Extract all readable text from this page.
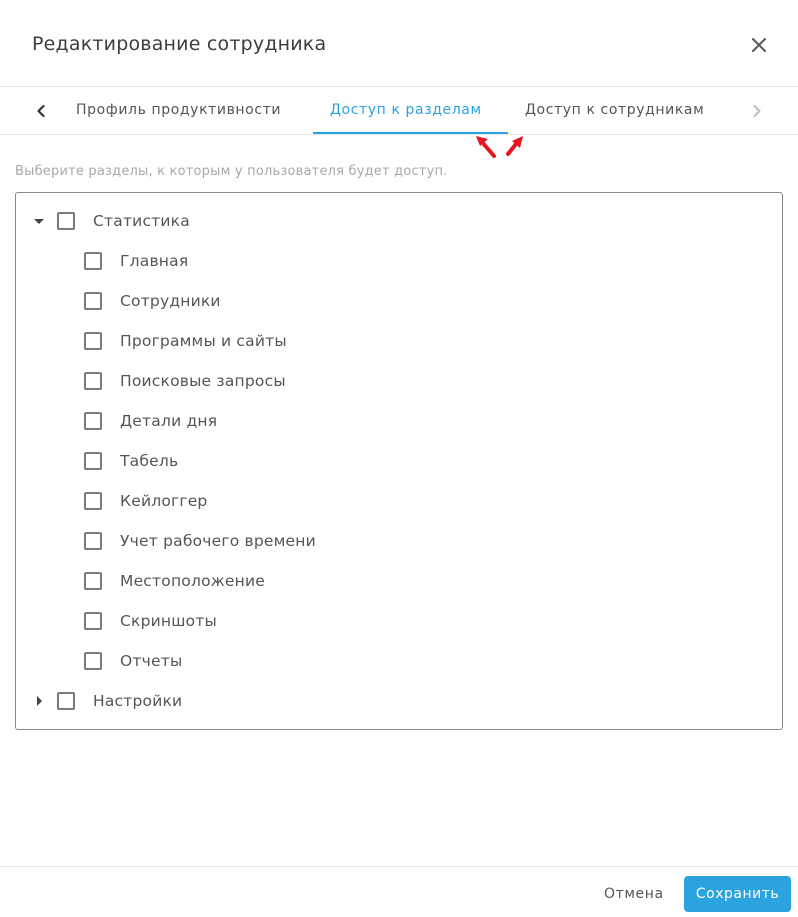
Редактирование сотрудника
Профиль продуктивности	Доступ к разделам	Доступ к сотрудникам
Выберите разделы, к которым у пользователя будет доступ.
Статистика
Главная
Сотрудники
Программы и сайты
Поисковые запросы
Детали дня
Табель
Кейлоггер
Учет рабочего времени
Местоположение
Скриншоты
Отчеты
Настройки
Отмена	Сохранить
